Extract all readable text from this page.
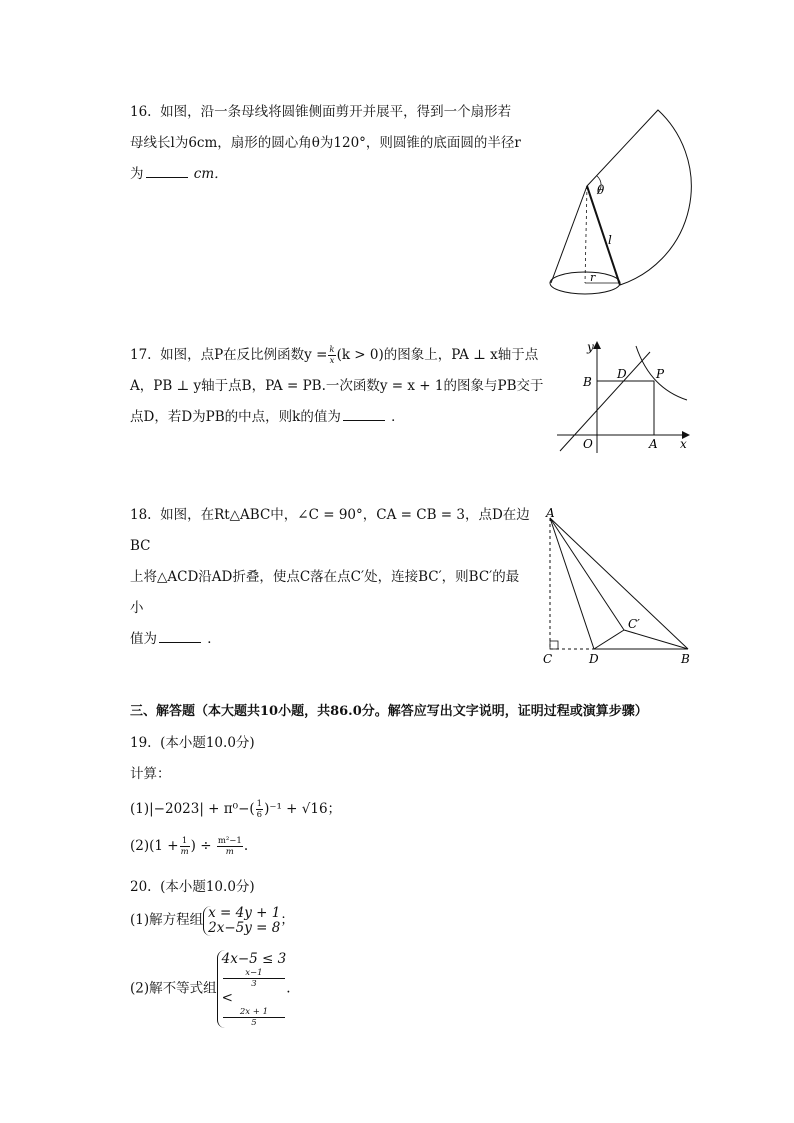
16. 如图，沿一条母线将圆锥侧面剪开并展平，得到一个扇形若
母线长l为6cm，扇形的圆心角θ为120°，则圆锥的底面圆的半径r
为	cm．
θ
l
r
17. 如图，点P在反比例函数$y = \frac{k}{x} (k > 0)$的图象上，PA ⊥ x轴于点
A，PB ⊥ y轴于点B，PA = PB.一次函数y = x + 1的图象与PB交于
点D，若D为PB的中点，则k的值为	．
y
x
B
D P
O	A
18. 如图，在Rt△ABC中，∠C = 90°，CA = CB = 3，点D在边BC
上将△ACD沿AD折叠，使点C落在点C′处，连接BC′，则BC′的最小
值为	．
A
C	D	B
C′
三、解答题（本大题共10小题，共86.0分。解答应写出文字说明，证明过程或演算步骤）
19. (本小题10.0分)
计算：
$(1)|-2023| + \pi^0-( \frac{1}{6} )^{-1} + √16$；
$(2)(1 + \frac{1}{m}$ ) ÷ $\frac{\text{m²−1}}{m}$ .
20. (本小题10.0分)
(1)解方程组 x = 4y + 1
2x−5y = 8 ；
(2)解不等式组
4x−5 ≤ 3
x−1
3
<
2x + 1
5
.
